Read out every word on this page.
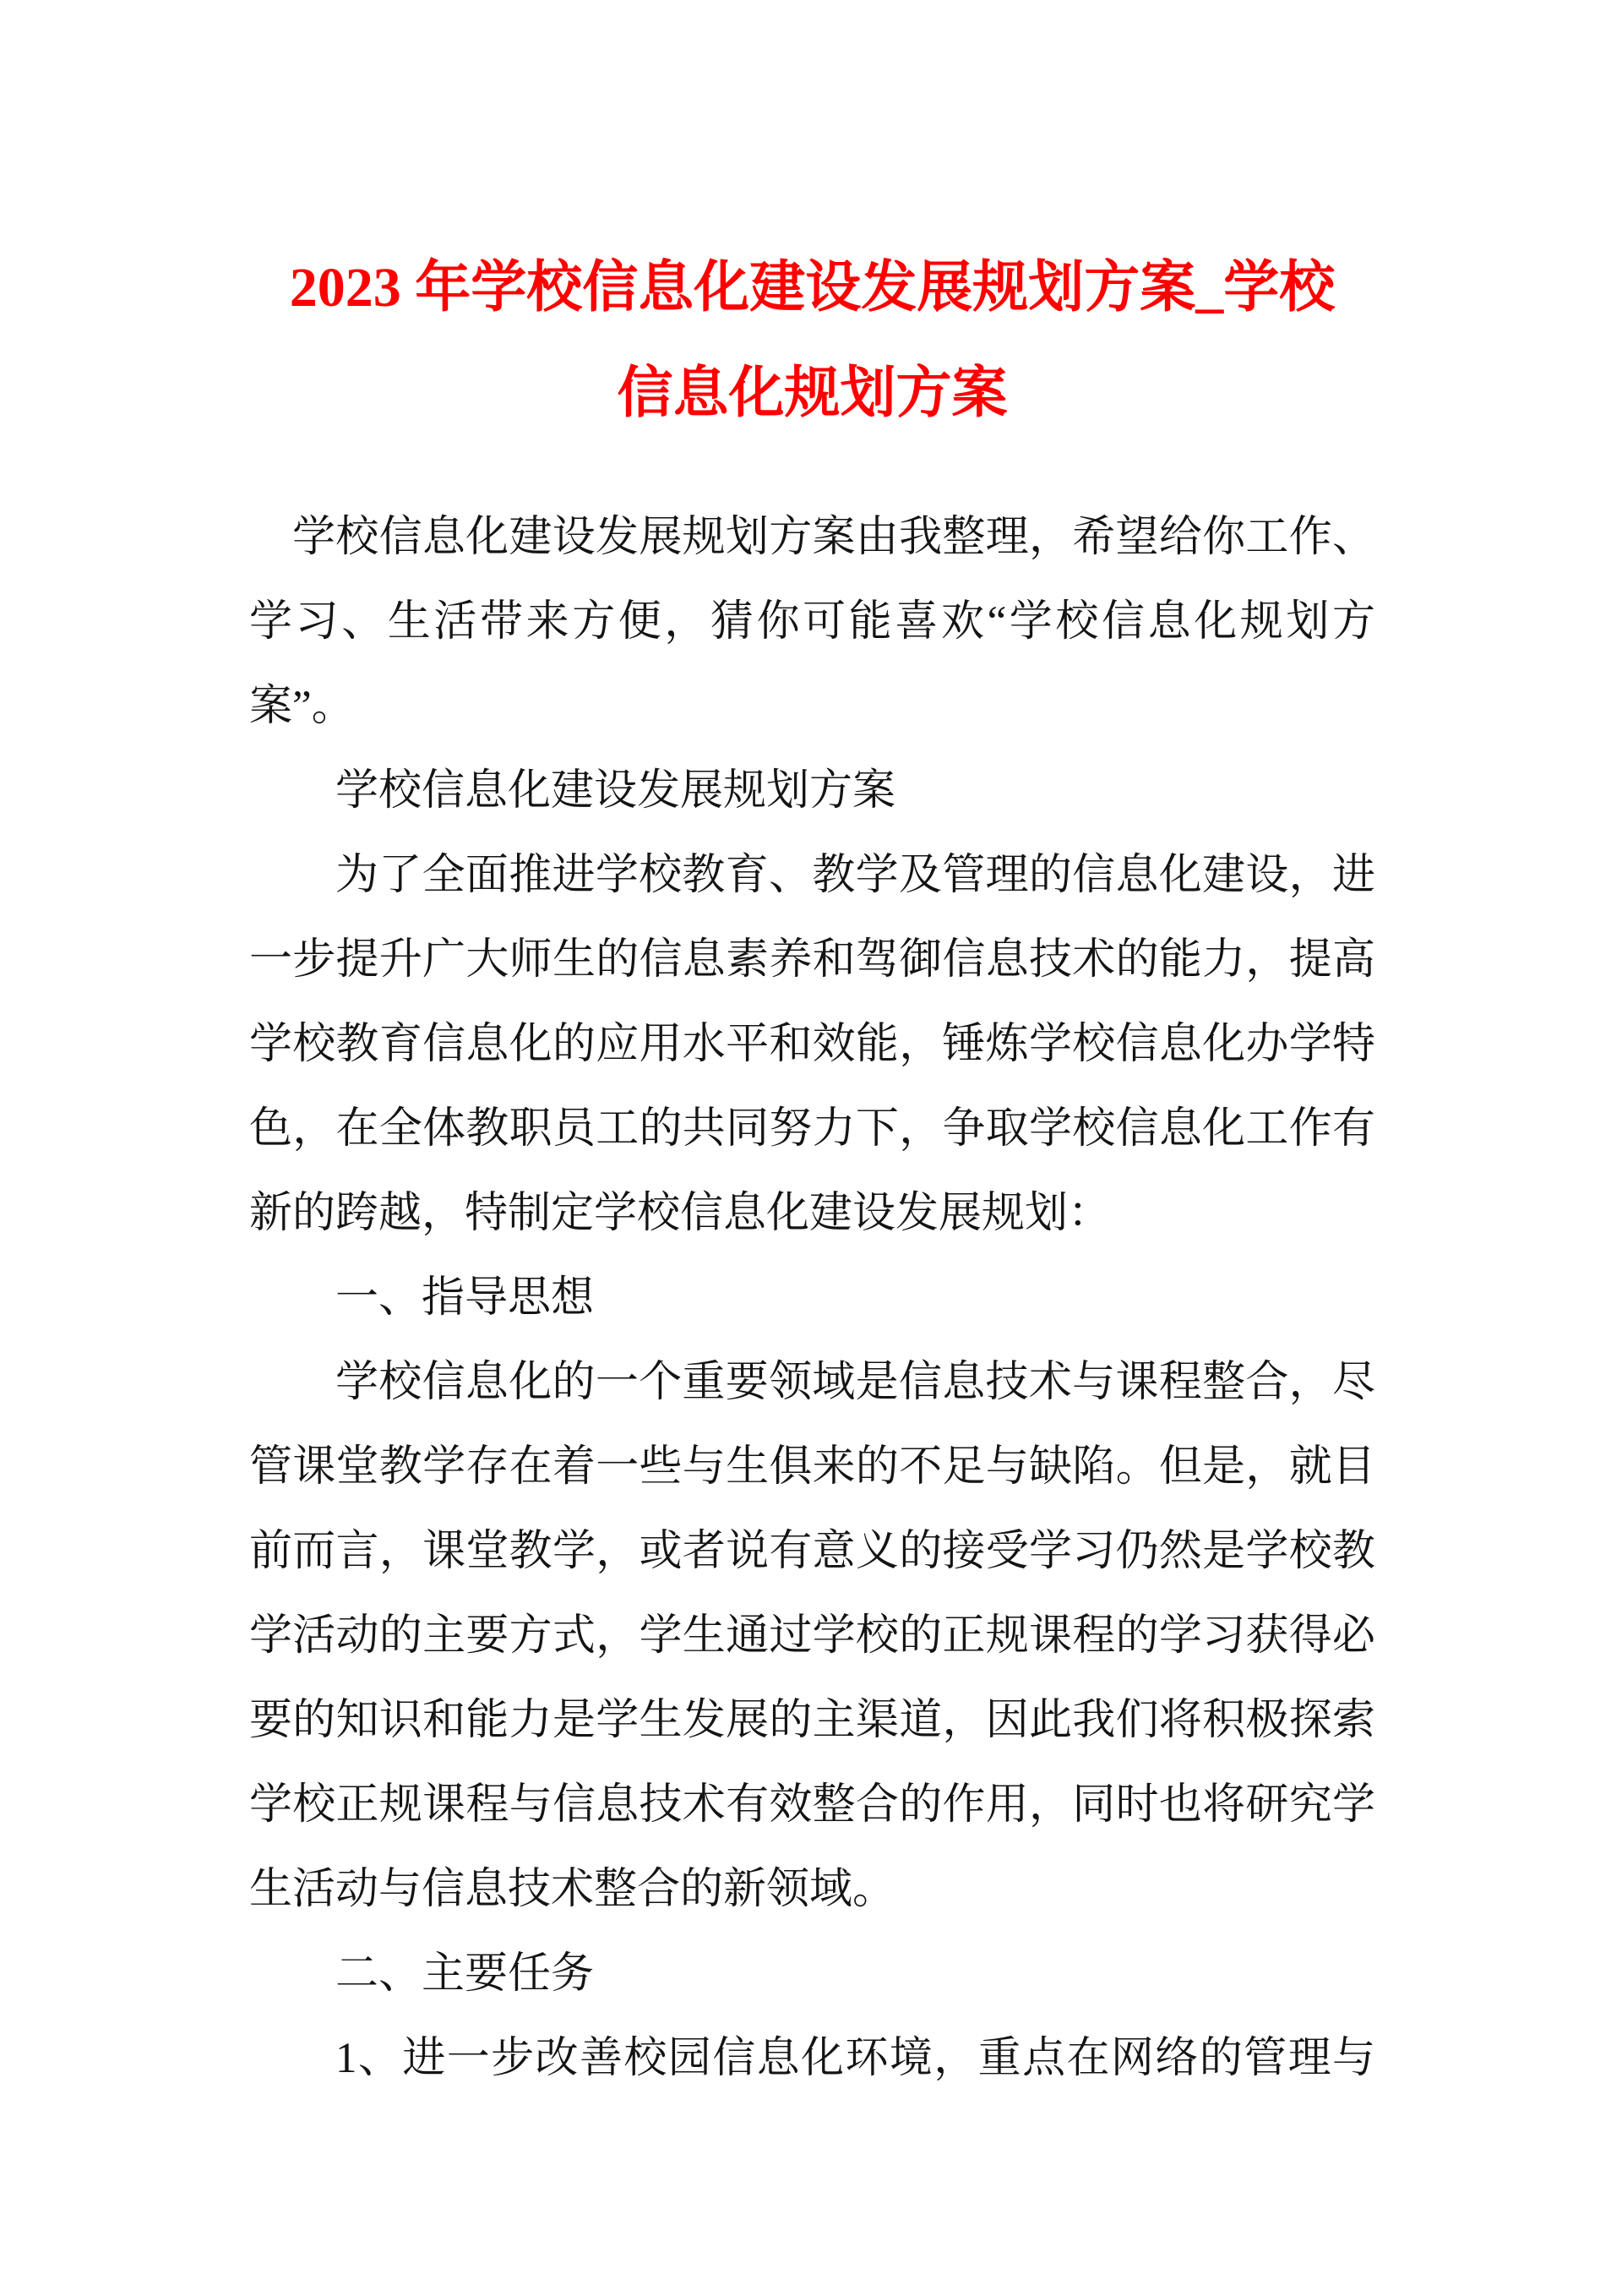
2023 年学校信息化建设发展规划方案_学校
信息化规划方案

学校信息化建设发展规划方案由我整理，希望给你工作、学习、生活带来方便，猜你可能喜欢“学校信息化规划方案”。

学校信息化建设发展规划方案

为了全面推进学校教育、教学及管理的信息化建设，进一步提升广大师生的信息素养和驾御信息技术的能力，提高学校教育信息化的应用水平和效能，锤炼学校信息化办学特色，在全体教职员工的共同努力下，争取学校信息化工作有新的跨越，特制定学校信息化建设发展规划：

一、指导思想

学校信息化的一个重要领域是信息技术与课程整合，尽管课堂教学存在着一些与生俱来的不足与缺陷。但是，就目前而言，课堂教学，或者说有意义的接受学习仍然是学校教学活动的主要方式，学生通过学校的正规课程的学习获得必要的知识和能力是学生发展的主渠道，因此我们将积极探索学校正规课程与信息技术有效整合的作用，同时也将研究学生活动与信息技术整合的新领域。

二、主要任务

1、进一步改善校园信息化环境，重点在网络的管理与
